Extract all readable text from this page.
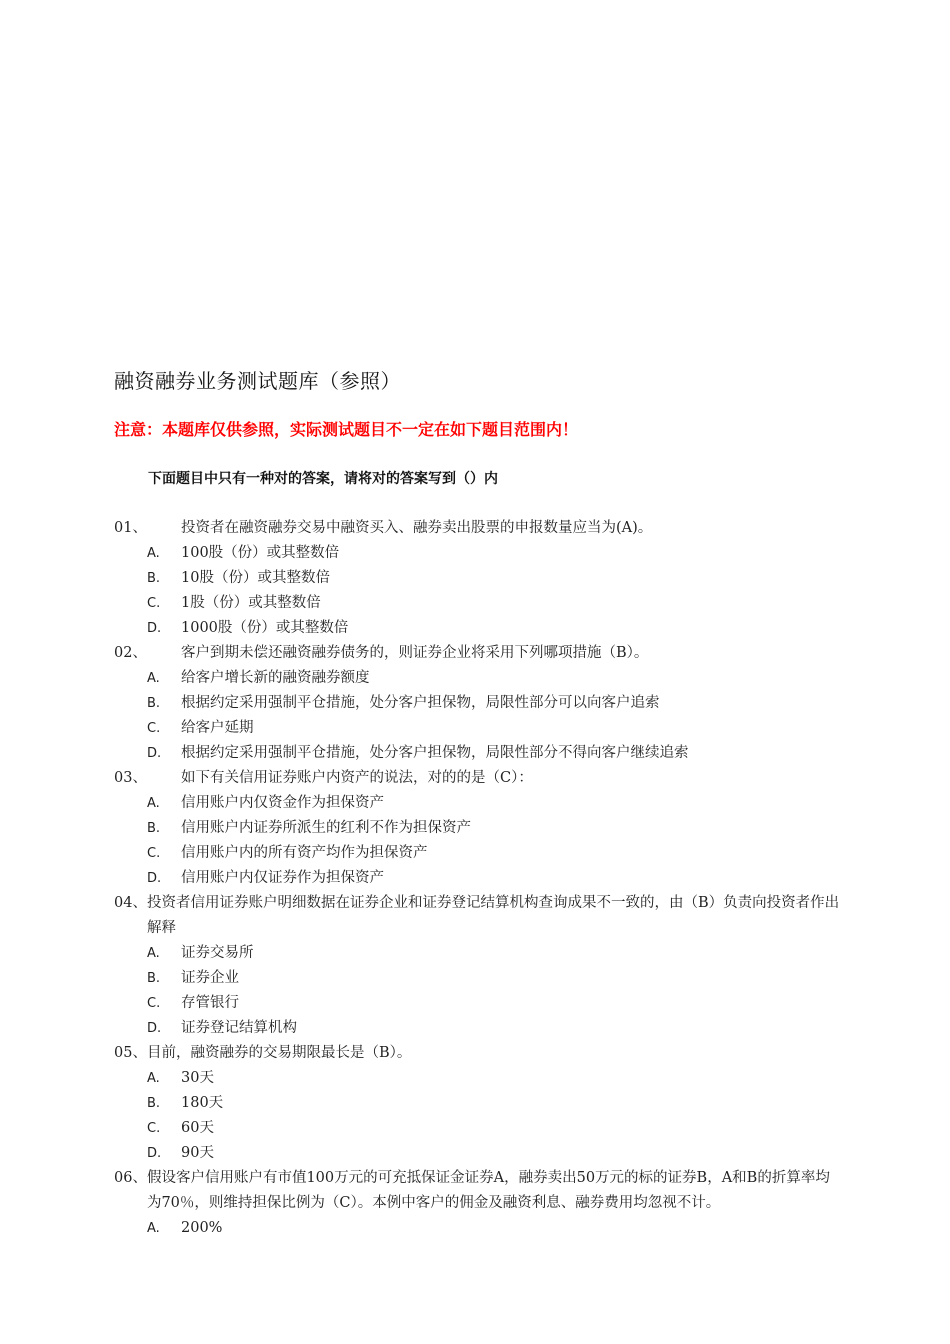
融资融券业务测试题库（参照）
注意：本题库仅供参照，实际测试题目不一定在如下题目范围内！
下面题目中只有一种对的答案，请将对的答案写到（）内
01、	投资者在融资融券交易中融资买入、融券卖出股票的申报数量应当为(A)。
A.	100股（份）或其整数倍
B.	10股（份）或其整数倍
C.	1股（份）或其整数倍
D.	1000股（份）或其整数倍
02、	客户到期未偿还融资融券债务的，则证券企业将采用下列哪项措施（B）。
A.	给客户增长新的融资融券额度
B.	根据约定采用强制平仓措施，处分客户担保物，局限性部分可以向客户追索
C.	给客户延期
D.	根据约定采用强制平仓措施，处分客户担保物，局限性部分不得向客户继续追索
03、	如下有关信用证券账户内资产的说法，对的的是（C）：
A.	信用账户内仅资金作为担保资产
B.	信用账户内证券所派生的红利不作为担保资产
C.	信用账户内的所有资产均作为担保资产
D.	信用账户内仅证券作为担保资产
04、 投资者信用证券账户明细数据在证券企业和证券登记结算机构查询成果不一致的，由（B）负责向投资者作出解释
A.	证券交易所
B.	证券企业
C.	存管银行
D.	证券登记结算机构
05、 目前，融资融券的交易期限最长是（B）。
A.	30天
B.	180天
C.	60天
D.	90天
06、 假设客户信用账户有市值100万元的可充抵保证金证券A，融券卖出50万元的标的证券B，A和B的折算率均为70％，则维持担保比例为（C）。本例中客户的佣金及融资利息、融券费用均忽视不计。
A.	200%
